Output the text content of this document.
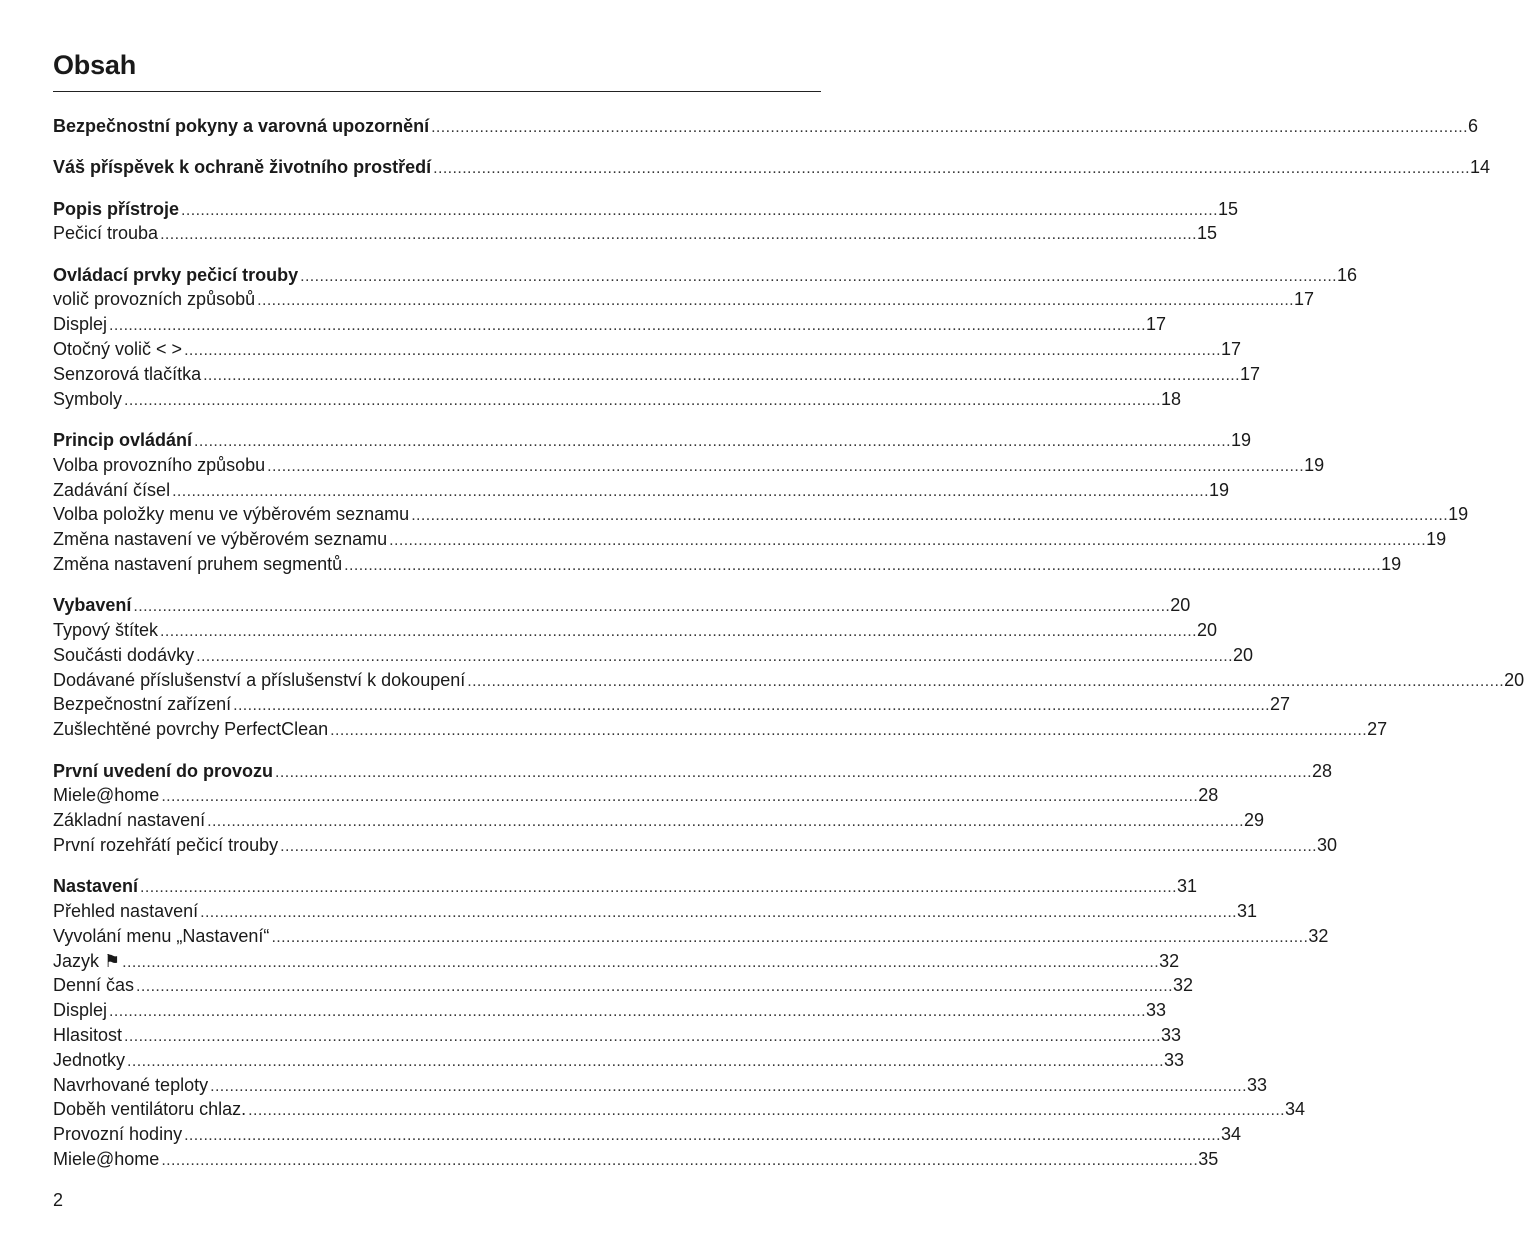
Obsah
Bezpečnostní pokyny a varovná upozornění ...................................................................................................................................................................................................................... 6
Váš příspěvek k ochraně životního prostředí ...................................................................................................................................................................................................................... 14
Popis přístroje ...................................................................................................................................................................................................................... 15
Pečicí trouba ...................................................................................................................................................................................................................... 15
Ovládací prvky pečicí trouby ...................................................................................................................................................................................................................... 16
volič provozních způsobů ...................................................................................................................................................................................................................... 17
Displej ...................................................................................................................................................................................................................... 17
Otočný volič < > ...................................................................................................................................................................................................................... 17
Senzorová tlačítka ...................................................................................................................................................................................................................... 17
Symboly ...................................................................................................................................................................................................................... 18
Princip ovládání ...................................................................................................................................................................................................................... 19
Volba provozního způsobu ...................................................................................................................................................................................................................... 19
Zadávání čísel ...................................................................................................................................................................................................................... 19
Volba položky menu ve výběrovém seznamu ...................................................................................................................................................................................................................... 19
Změna nastavení ve výběrovém seznamu ...................................................................................................................................................................................................................... 19
Změna nastavení pruhem segmentů ...................................................................................................................................................................................................................... 19
Vybavení ...................................................................................................................................................................................................................... 20
Typový štítek ...................................................................................................................................................................................................................... 20
Součásti dodávky ...................................................................................................................................................................................................................... 20
Dodávané příslušenství a příslušenství k dokoupení ...................................................................................................................................................................................................................... 20
Bezpečnostní zařízení ...................................................................................................................................................................................................................... 27
Zušlechtěné povrchy PerfectClean ...................................................................................................................................................................................................................... 27
První uvedení do provozu ...................................................................................................................................................................................................................... 28
Miele@home ...................................................................................................................................................................................................................... 28
Základní nastavení ...................................................................................................................................................................................................................... 29
První rozehřátí pečicí trouby ...................................................................................................................................................................................................................... 30
Nastavení ...................................................................................................................................................................................................................... 31
Přehled nastavení ...................................................................................................................................................................................................................... 31
Vyvolání menu „Nastavení“ ...................................................................................................................................................................................................................... 32
Jazyk ⚑ ...................................................................................................................................................................................................................... 32
Denní čas ...................................................................................................................................................................................................................... 32
Displej ...................................................................................................................................................................................................................... 33
Hlasitost ...................................................................................................................................................................................................................... 33
Jednotky ...................................................................................................................................................................................................................... 33
Navrhované teploty ...................................................................................................................................................................................................................... 33
Doběh ventilátoru chlaz. ...................................................................................................................................................................................................................... 34
Provozní hodiny ...................................................................................................................................................................................................................... 34
Miele@home ...................................................................................................................................................................................................................... 35
2
